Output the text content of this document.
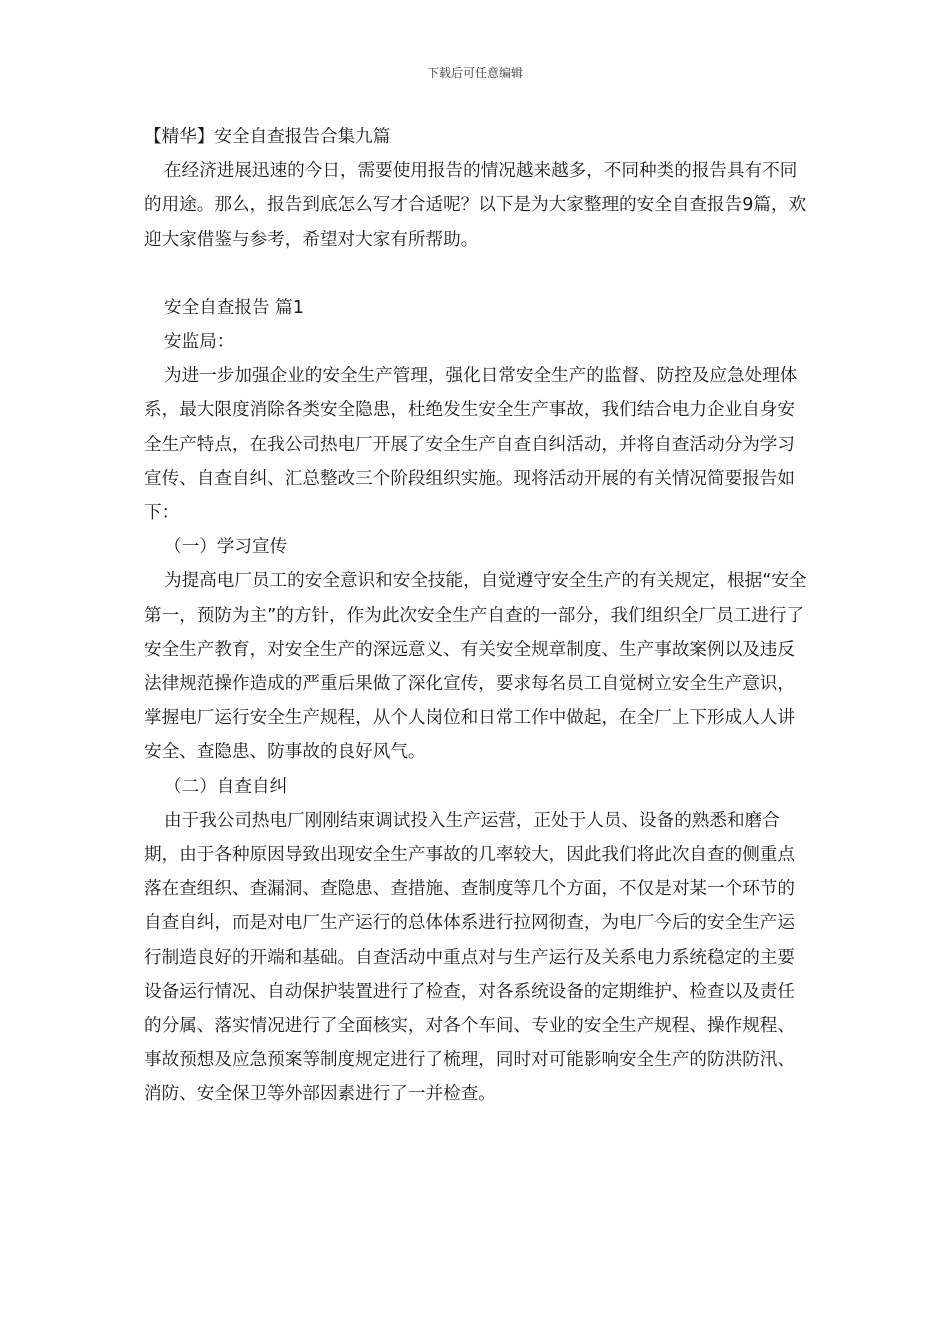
下载后可任意编辑

【精华】安全自查报告合集九篇

在经济进展迅速的今日，需要使用报告的情况越来越多，不同种类的报告具有不同的用途。那么，报告到底怎么写才合适呢？以下是为大家整理的安全自查报告9篇，欢迎大家借鉴与参考，希望对大家有所帮助。

安全自查报告 篇1

安监局：

为进一步加强企业的安全生产管理，强化日常安全生产的监督、防控及应急处理体系，最大限度消除各类安全隐患，杜绝发生安全生产事故，我们结合电力企业自身安全生产特点，在我公司热电厂开展了安全生产自查自纠活动，并将自查活动分为学习宣传、自查自纠、汇总整改三个阶段组织实施。现将活动开展的有关情况简要报告如下：

（一）学习宣传

为提高电厂员工的安全意识和安全技能，自觉遵守安全生产的有关规定，根据“安全第一，预防为主”的方针，作为此次安全生产自查的一部分，我们组织全厂员工进行了安全生产教育，对安全生产的深远意义、有关安全规章制度、生产事故案例以及违反法律规范操作造成的严重后果做了深化宣传，要求每名员工自觉树立安全生产意识，掌握电厂运行安全生产规程，从个人岗位和日常工作中做起，在全厂上下形成人人讲安全、查隐患、防事故的良好风气。

（二）自查自纠

由于我公司热电厂刚刚结束调试投入生产运营，正处于人员、设备的熟悉和磨合期，由于各种原因导致出现安全生产事故的几率较大，因此我们将此次自查的侧重点落在查组织、查漏洞、查隐患、查措施、查制度等几个方面，不仅是对某一个环节的自查自纠，而是对电厂生产运行的总体体系进行拉网彻查，为电厂今后的安全生产运行制造良好的开端和基础。自查活动中重点对与生产运行及关系电力系统稳定的主要设备运行情况、自动保护装置进行了检查，对各系统设备的定期维护、检查以及责任的分属、落实情况进行了全面核实，对各个车间、专业的安全生产规程、操作规程、事故预想及应急预案等制度规定进行了梳理，同时对可能影响安全生产的防洪防汛、消防、安全保卫等外部因素进行了一并检查。
